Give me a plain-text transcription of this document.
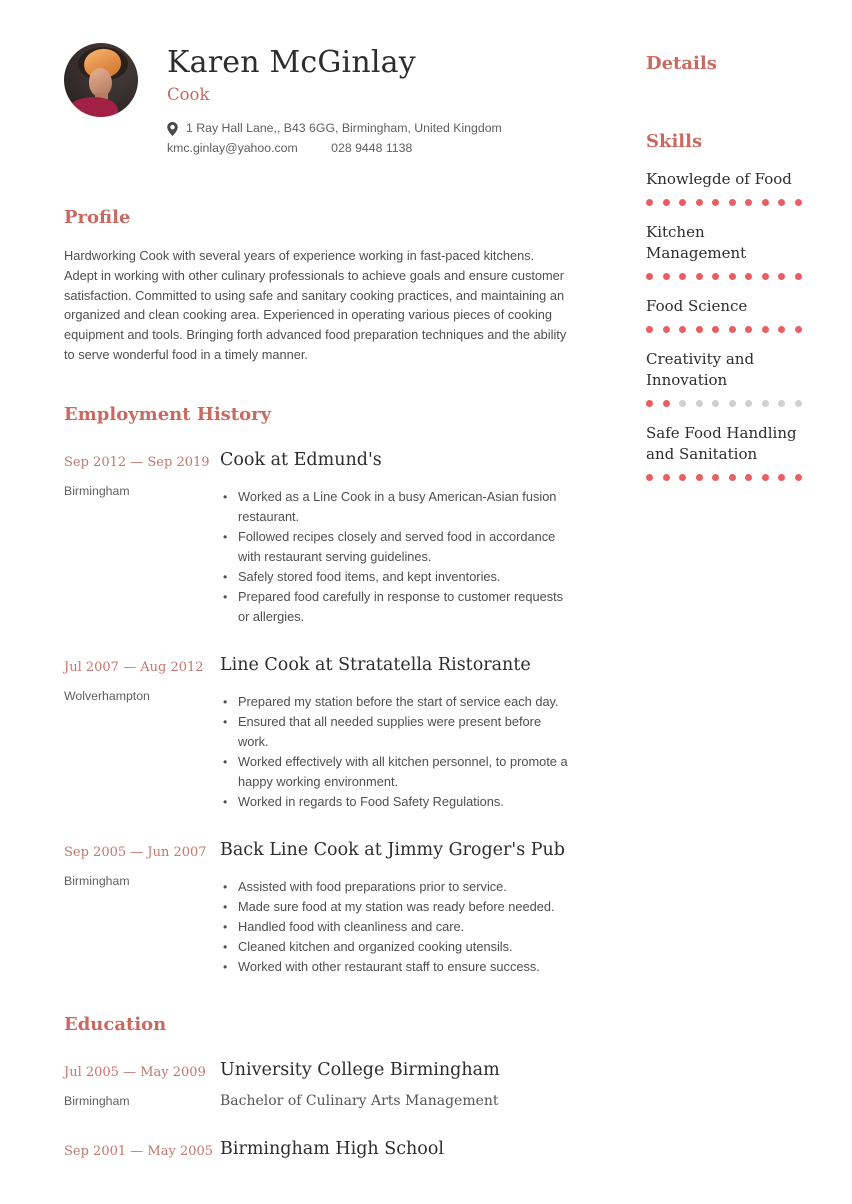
Karen McGinlay
Cook
1 Ray Hall Lane,, B43 6GG, Birmingham, United Kingdom
kmc.ginlay@yahoo.com	028 9448 1138
Profile

Hardworking Cook with several years of experience working in fast-paced kitchens. Adept in working with other culinary professionals to achieve goals and ensure customer satisfaction. Committed to using safe and sanitary cooking practices, and maintaining an organized and clean cooking area. Experienced in operating various pieces of cooking equipment and tools. Bringing forth advanced food preparation techniques and the ability to serve wonderful food in a timely manner.

Employment History
Sep 2012 — Sep 2019
Birmingham
Cook at Edmund's
• Worked as a Line Cook in a busy American-Asian fusion restaurant.
• Followed recipes closely and served food in accordance with restaurant serving guidelines.
• Safely stored food items, and kept inventories.
• Prepared food carefully in response to customer requests or allergies.
Jul 2007 — Aug 2012
Wolverhampton
Line Cook at Stratatella Ristorante
• Prepared my station before the start of service each day.
• Ensured that all needed supplies were present before work.
• Worked effectively with all kitchen personnel, to promote a happy working environment.
• Worked in regards to Food Safety Regulations.
Sep 2005 — Jun 2007
Birmingham
Back Line Cook at Jimmy Groger's Pub
• Assisted with food preparations prior to service.
• Made sure food at my station was ready before needed.
• Handled food with cleanliness and care.
• Cleaned kitchen and organized cooking utensils.
• Worked with other restaurant staff to ensure success.
Education
Jul 2005 — May 2009
Birmingham
University College Birmingham
Bachelor of Culinary Arts Management
Sep 2001 — May 2005 Birmingham High School
Details
Skills
Knowlegde of Food
Kitchen Management
Food Science
Creativity and Innovation
Safe Food Handling and Sanitation
